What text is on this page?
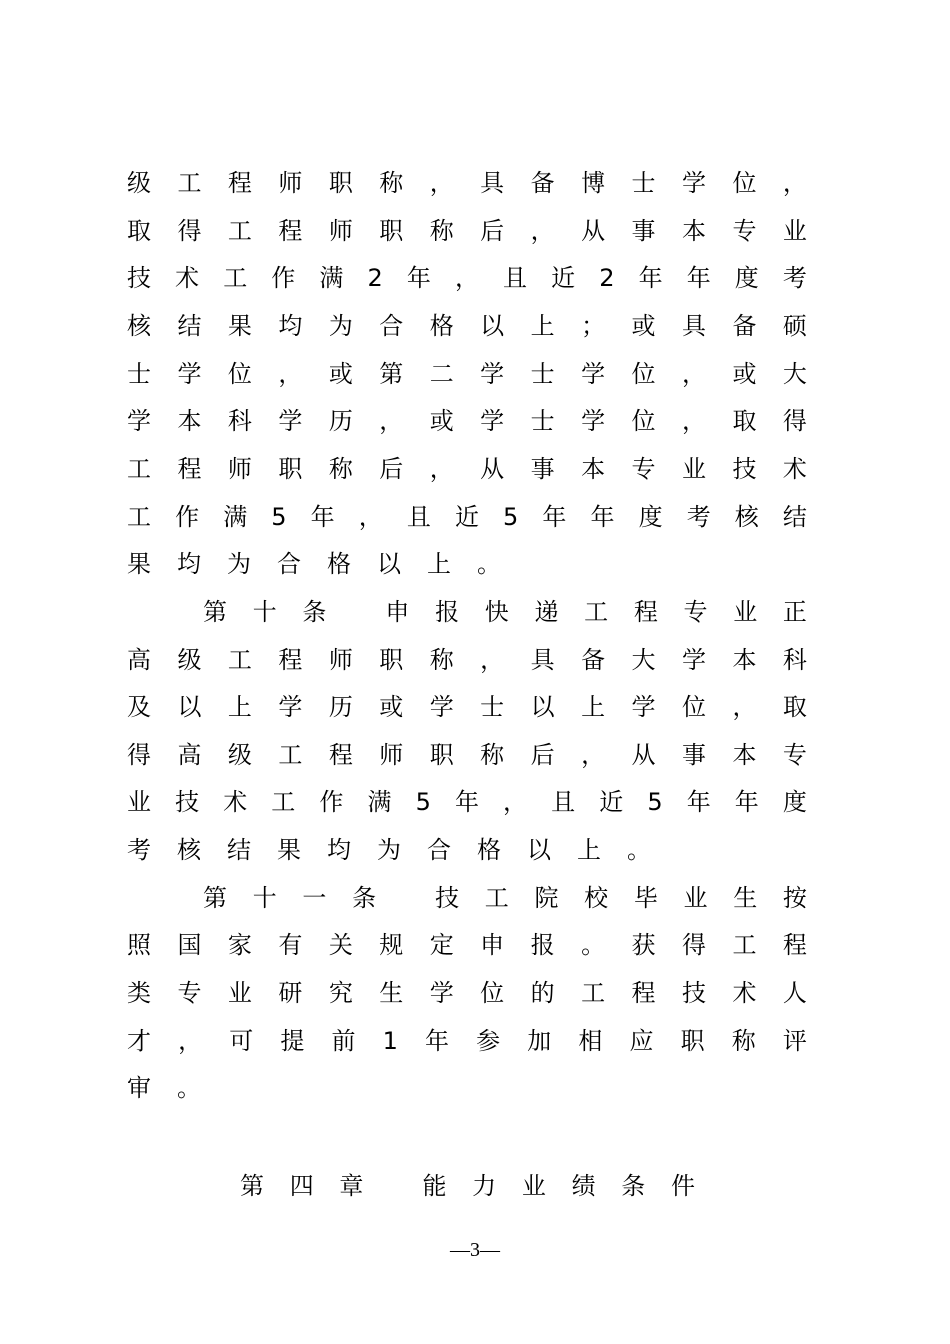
级 工 程 师 职 称 ， 具 备 博 士 学 位 ，
取 得 工 程 师 职 称 后 ， 从 事 本 专 业
技 术 工 作 满 2 年 ， 且 近 2 年 年 度 考
核 结 果 均 为 合 格 以 上 ； 或 具 备 硕
士 学 位 ， 或 第 二 学 士 学 位 ， 或 大
学 本 科 学 历 ， 或 学 士 学 位 ， 取 得
工 程 师 职 称 后 ， 从 事 本 专 业 技 术
工 作 满 5 年 ， 且 近 5 年 年 度 考 核 结
果 均 为 合 格 以 上 。
第 十 条
申 报 快 递 工 程 专 业 正
高 级 工 程 师 职 称 ， 具 备 大 学 本 科
及 以 上 学 历 或 学 士 以 上 学 位 ， 取
得 高 级 工 程 师 职 称 后 ， 从 事 本 专
业 技 术 工 作 满 5 年 ， 且 近 5 年 年 度
考 核 结 果 均 为 合 格 以 上 。
第 十 一 条
技 工 院 校 毕 业 生 按
照 国 家 有 关 规 定 申 报 。 获 得 工 程
类 专 业 研 究 生 学 位 的 工 程 技 术 人
才 ， 可 提 前 1 年 参 加 相 应 职 称 评
审 。
第 四 章
能 力 业 绩 条 件
—3—
